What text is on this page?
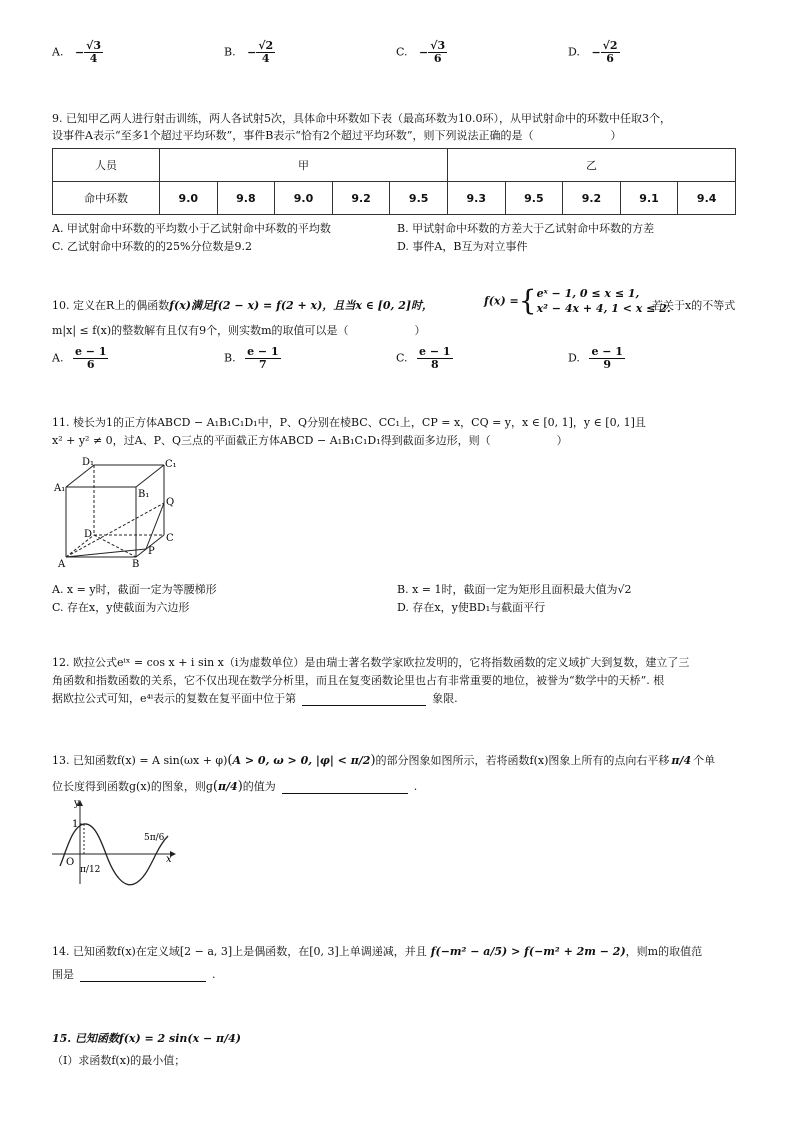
A. − $\frac{√3}{4}$	B. − $\frac{√2}{4}$	C. − $\frac{√3}{6}$	D. − $\frac{√2}{6}$
9. 已知甲乙两人进行射击训练，两人各试射5次，具体命中环数如下表（最高环数为10.0环），从甲试射命中的环数中任取3个，
设事件A表示“至多1个超过平均环数”，事件B表示“恰有2个超过平均环数”，则下列说法正确的是（　　　　　　　）
人员	甲					乙				
命中环数	9.0	9.8	9.0	9.2	9.5	9.3	9.5	9.2	9.1	9.4
A. 甲试射命中环数的平均数小于乙试射命中环数的平均数	B. 甲试射命中环数的方差大于乙试射命中环数的方差
C. 乙试射命中环数的的25%分位数是9.2	D. 事件A，B互为对立事件
10. 定义在R上的偶函数f(x)满足f(2 − x) = f(2 + x)，且当x ∈ [0, 2]时，	f(x) ={ eˣ − 1, 0 ≤ x ≤ 1,
x² − 4x + 4, 1 < x ≤ 2.
若关于x的不等式
m|x| ≤ f(x)的整数解有且仅有9个，则实数m的取值可以是（　　　　　　）
A. $\frac{e - 1}{6}$	B. $\frac{e - 1}{7}$	C. $\frac{e - 1}{8}$	D. $\frac{e - 1}{9}$
11. 棱长为1的正方体ABCD − A₁B₁C₁D₁中，P、Q分别在棱BC、CC₁上，CP = x，CQ = y，x ∈ [0, 1]，y ∈ [0, 1]且
x² + y² ≠ 0，过A、P、Q三点的平面截正方体ABCD − A₁B₁C₁D₁得到截面多边形，则（　　　　　　）
D₁	C₁
A₁
B₁
Q
D	C
P
B
A
A. x = y时，截面一定为等腰梯形	B. x = 1时，截面一定为矩形且面积最大值为√2
C. 存在x，y使截面为六边形	D. 存在x，y使BD₁与截面平行
12. 欧拉公式eⁱˣ = cos x + i sin x（i为虚数单位）是由瑞士著名数学家欧拉发明的，它将指数函数的定义域扩大到复数，建立了三
角函数和指数函数的关系，它不仅出现在数学分析里，而且在复变函数论里也占有非常重要的地位，被誉为“数学中的天桥”. 根
据欧拉公式可知，e⁴ⁱ表示的复数在复平面中位于第	象限.
13. 已知函数f(x) = A sin(ωx + φ)(A > 0, ω > 0, |φ| < π/2)的部分图象如图所示，若将函数f(x)图象上所有的点向右平移 π/4 个单
位长度得到函数g(x)的图象，则g(π/4)的值为	.
y
x
O
1
π/12
5π/6
14. 已知函数f(x)在定义域[2 − a, 3]上是偶函数，在[0, 3]上单调递减，并且 f(−m² − a/5) > f(−m² + 2m − 2)，则m的取值范
围是	.
15. 已知函数f(x) = 2 sin(x − π/4)
（Ⅰ）求函数f(x)的最小值；
